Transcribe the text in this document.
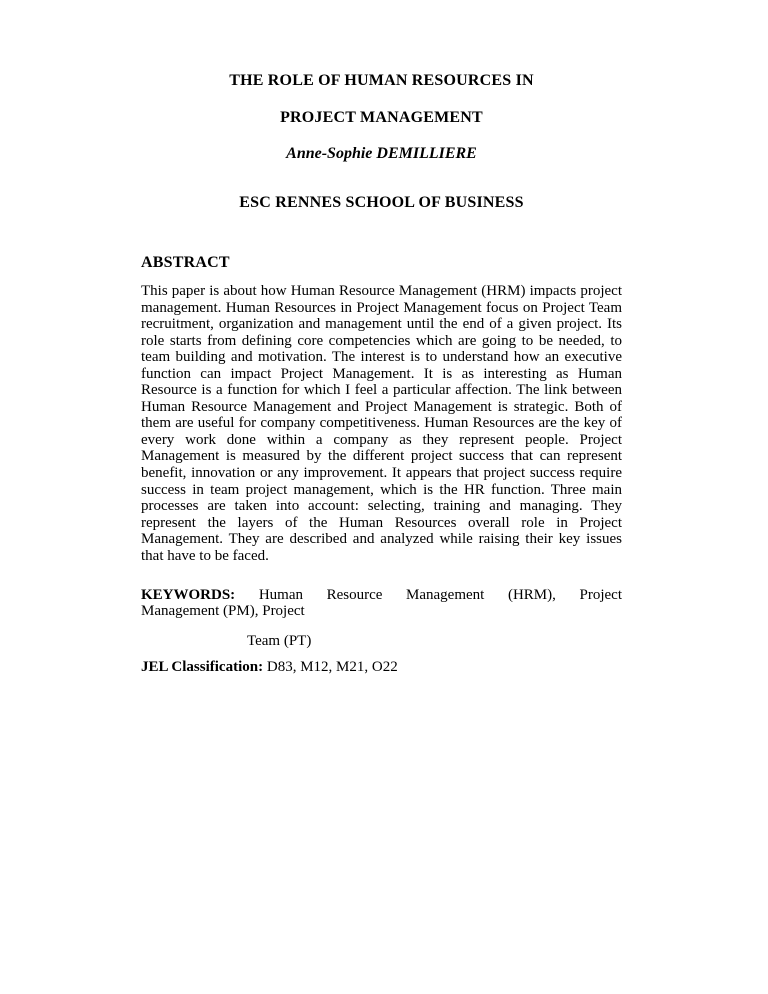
THE ROLE OF HUMAN RESOURCES IN
PROJECT MANAGEMENT
Anne-Sophie DEMILLIERE
ESC RENNES SCHOOL OF BUSINESS
ABSTRACT
This paper is about how Human Resource Management (HRM) impacts project management. Human Resources in Project Management focus on Project Team recruitment, organization and management until the end of a given project. Its role starts from defining core competencies which are going to be needed, to team building and motivation. The interest is to understand how an executive function can impact Project Management. It is as interesting as Human Resource is a function for which I feel a particular affection. The link between Human Resource Management and Project Management is strategic. Both of them are useful for company competitiveness. Human Resources are the key of every work done within a company as they represent people. Project Management is measured by the different project success that can represent benefit, innovation or any improvement. It appears that project success require success in team project management, which is the HR function. Three main processes are taken into account: selecting, training and managing. They represent the layers of the Human Resources overall role in Project Management. They are described and analyzed while raising their key issues that have to be faced.
KEYWORDS: Human Resource Management (HRM), Project
Management (PM), Project
Team (PT)
JEL Classification: D83, M12, M21, O22
